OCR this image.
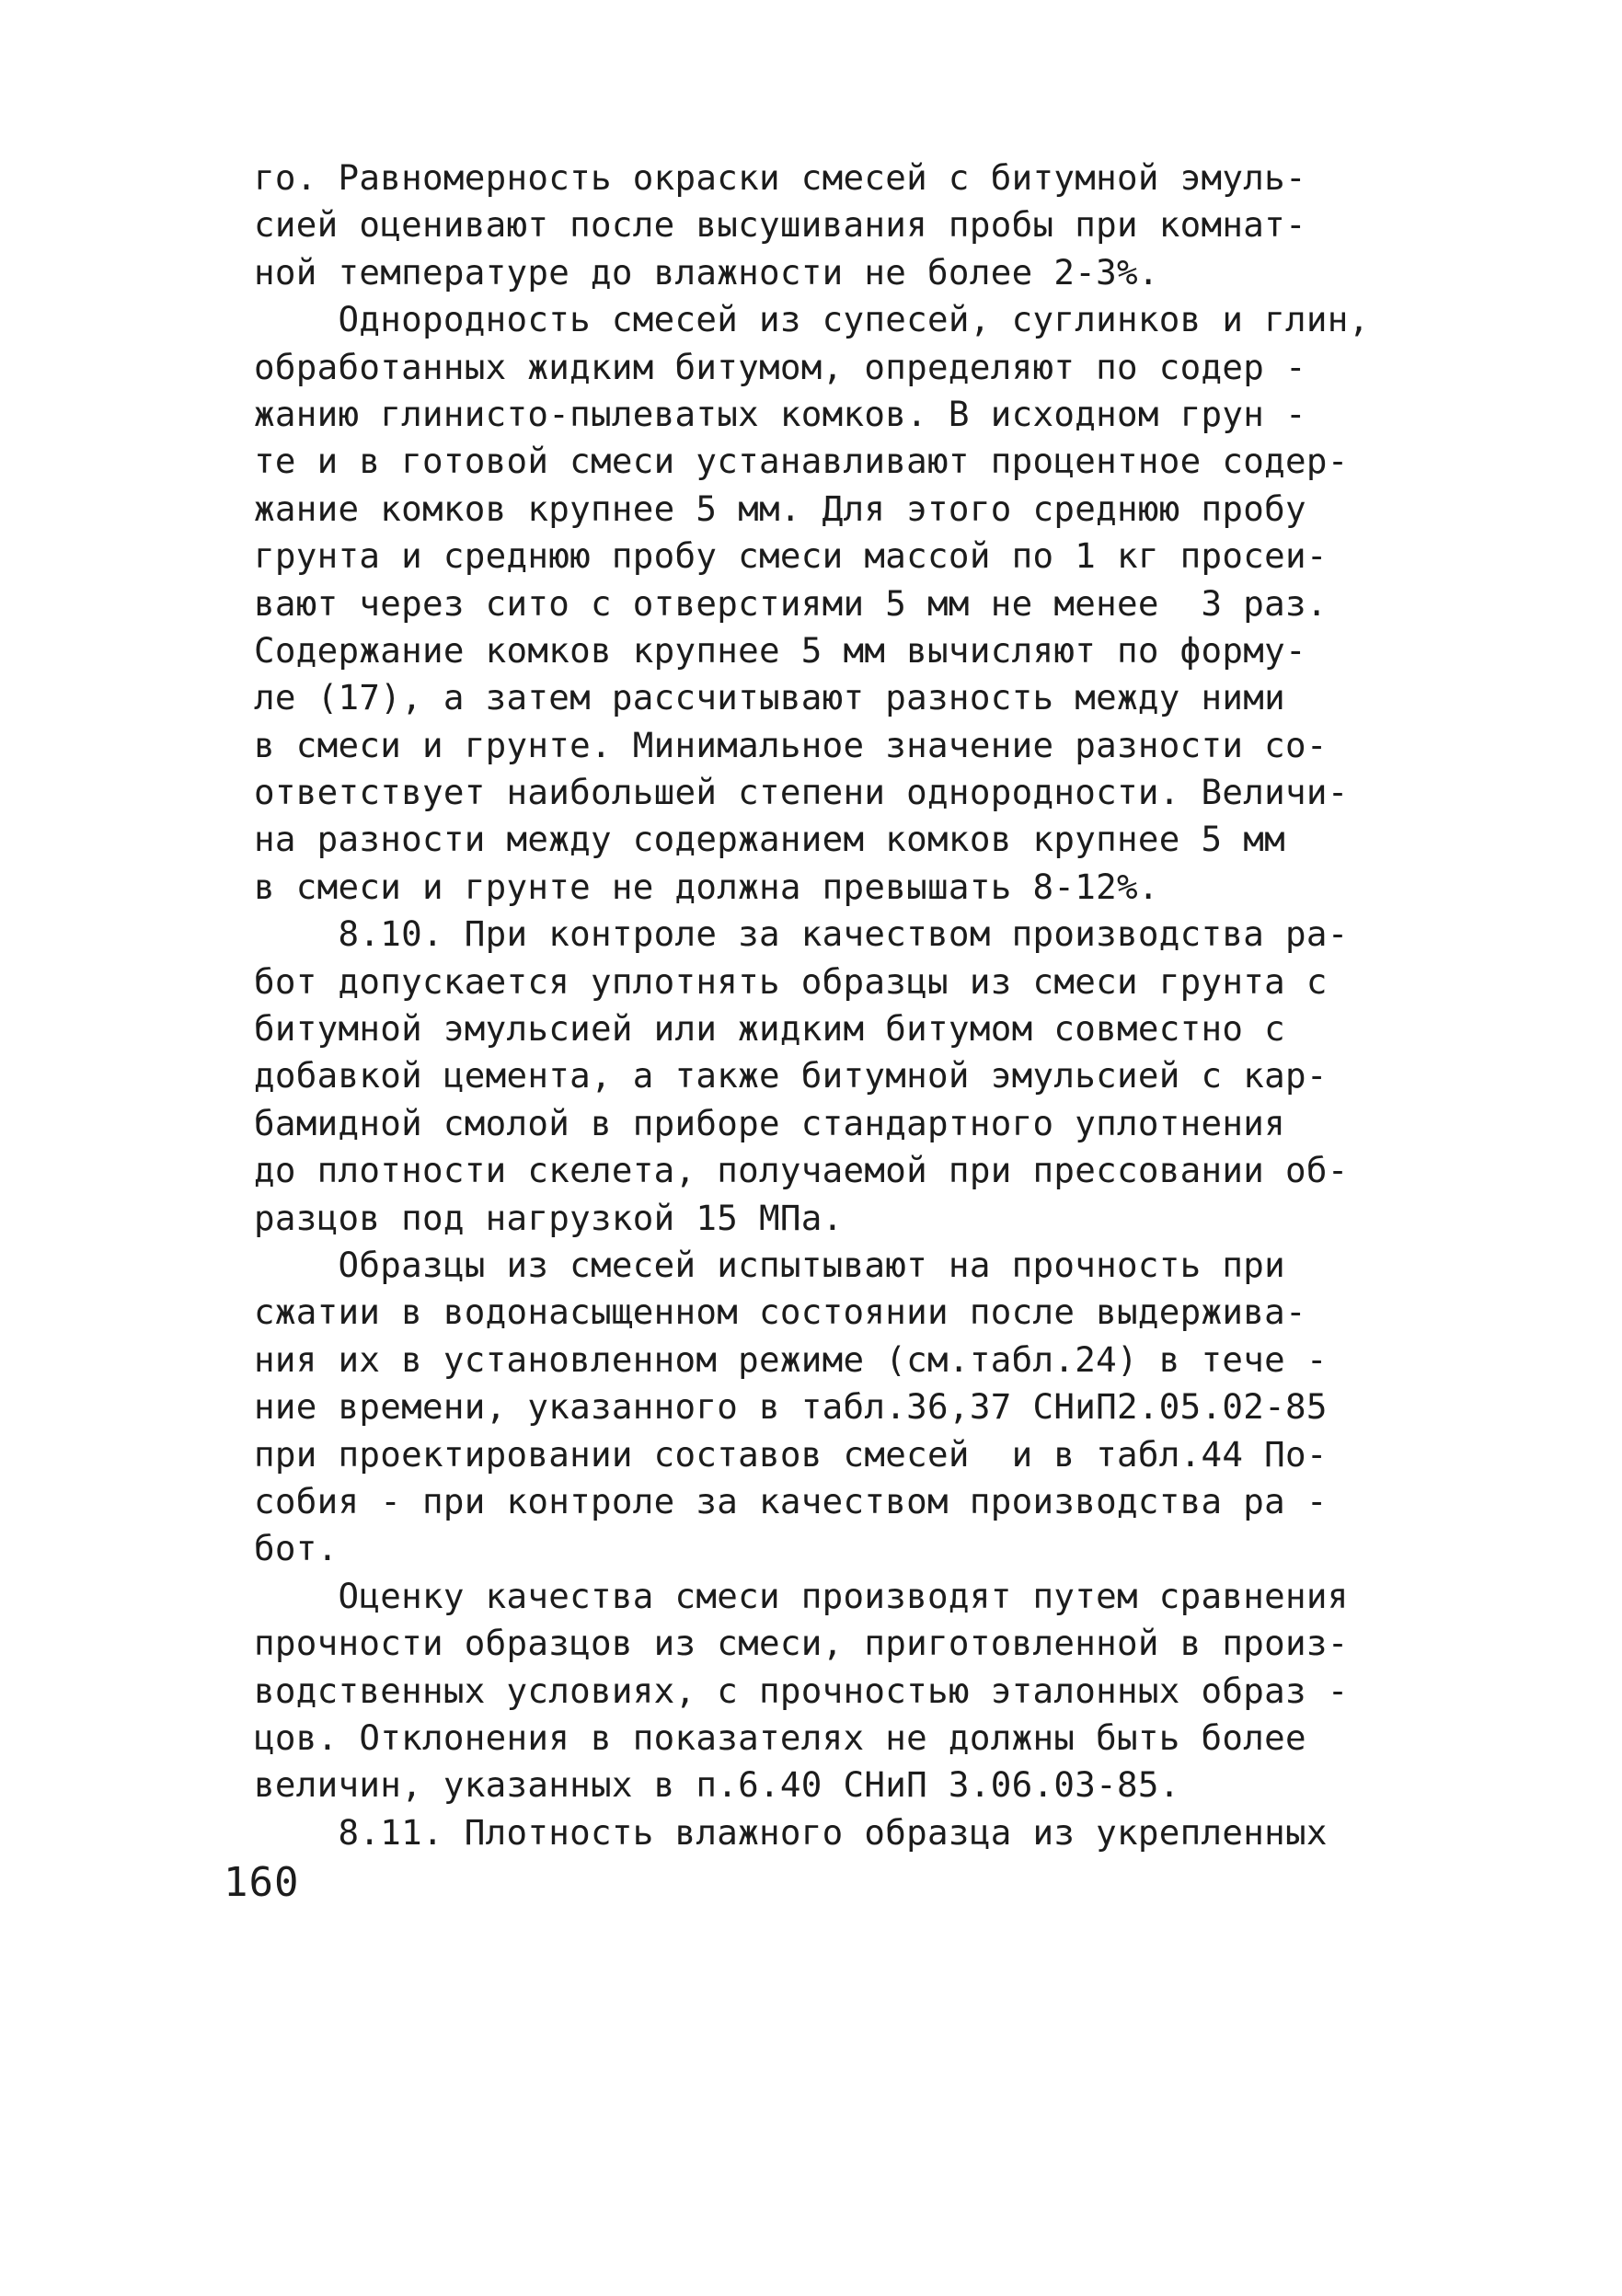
го. Равномерность окраски смесей с битумной эмуль-
сией оценивают после высушивания пробы при комнат-
ной температуре до влажности не более 2-3%.
Однородность смесей из супесей, суглинков и глин,
обработанных жидким битумом, определяют по содер -
жанию глинисто-пылеватых комков. В исходном грун -
те и в готовой смеси устанавливают процентное содер-
жание комков крупнее 5 мм. Для этого среднюю пробу
грунта и среднюю пробу смеси массой по 1 кг просеи-
вают через сито с отверстиями 5 мм не менее  3 раз.
Содержание комков крупнее 5 мм вычисляют по форму-
ле (17), а затем рассчитывают разность между ними
в смеси и грунте. Минимальное значение разности со-
ответствует наибольшей степени однородности. Величи-
на разности между содержанием комков крупнее 5 мм
в смеси и грунте не должна превышать 8-12%.
8.10. При контроле за качеством производства ра-
бот допускается уплотнять образцы из смеси грунта с
битумной эмульсией или жидким битумом совместно с
добавкой цемента, а также битумной эмульсией с кар-
бамидной смолой в приборе стандартного уплотнения
до плотности скелета, получаемой при прессовании об-
разцов под нагрузкой 15 МПа.
Образцы из смесей испытывают на прочность при
сжатии в водонасыщенном состоянии после выдержива-
ния их в установленном режиме (см.табл.24) в тече -
ние времени, указанного в табл.36,37 СНиП2.05.02-85
при проектировании составов смесей  и в табл.44 По-
собия - при контроле за качеством производства ра -
бот.
Оценку качества смеси производят путем сравнения
прочности образцов из смеси, приготовленной в произ-
водственных условиях, с прочностью эталонных образ -
цов. Отклонения в показателях не должны быть более
величин, указанных в п.6.40 СНиП 3.06.03-85.
8.11. Плотность влажного образца из укрепленных
160
